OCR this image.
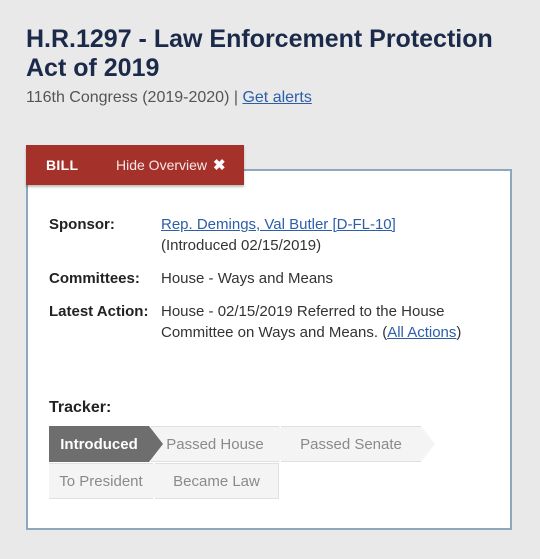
H.R.1297 - Law Enforcement Protection Act of 2019
116th Congress (2019-2020) | Get alerts
BILL	Hide Overview ✖
Sponsor:	Rep. Demings, Val Butler [D-FL-10]
(Introduced 02/15/2019)
Committees:	House - Ways and Means
Latest Action: House - 02/15/2019 Referred to the House Committee on Ways and Means. (All Actions)
Tracker:
Introduced Passed House Passed Senate
To President Became Law
